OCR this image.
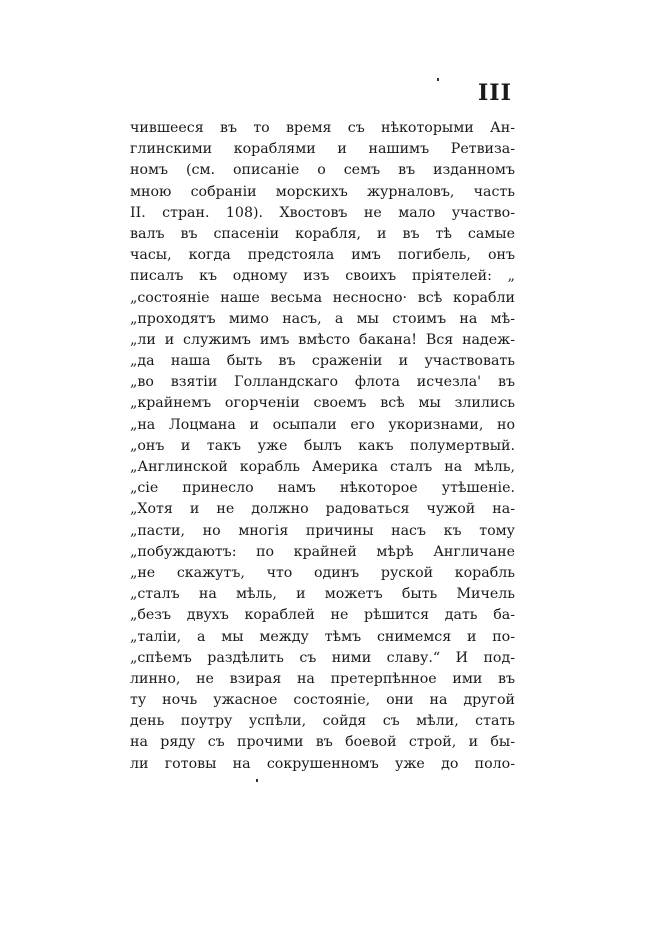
III
чившееся въ то время съ нѣкоторыми Ан-
глинскими кораблями и нашимъ Ретвиза-
номъ (см. описаніе о семъ въ изданномъ
мною собраніи морскихъ журналовъ, часть
II. стран. 108). Хвостовъ не мало участво-
валъ въ спасеніи корабля, и въ тѣ самые
часы, когда предстояла имъ погибель, онъ
писалъ къ одному изъ своихъ пріятелей: „
„состояніе наше весьма несносно· всѣ корабли
„проходятъ мимо насъ, а мы стоимъ на мѣ-
„ли и служимъ имъ вмѣсто бакана! Вся надеж-
„да наша быть въ сраженіи и участвовать
„во взятіи Голландскаго флота исчезла' въ
„крайнемъ огорченіи своемъ всѣ мы злились
„на Лоцмана и осыпали его укоризнами, но
„онъ и такъ уже былъ какъ полумертвый.
„Англинской корабль Америка сталъ на мѣль,
„сіе принесло намъ нѣкоторое утѣшеніе.
„Хотя и не должно радоваться чужой на-
„пасти, но многія причины насъ къ тому
„побуждаютъ: по крайней мѣрѣ Англичане
„не скажутъ, что одинъ руской корабль
„сталъ на мѣль, и можетъ быть Мичель
„безъ двухъ кораблей не рѣшится дать ба-
„таліи, а мы между тѣмъ снимемся и по-
„спѣемъ раздѣлить съ ними славу.“ И под-
линно, не взирая на претерпѣнное ими въ
ту ночь ужасное состояніе, они на другой
день поутру успѣли, сойдя съ мѣли, стать
на ряду съ прочими въ боевой строй, и бы-
ли готовы на сокрушенномъ уже до поло-
